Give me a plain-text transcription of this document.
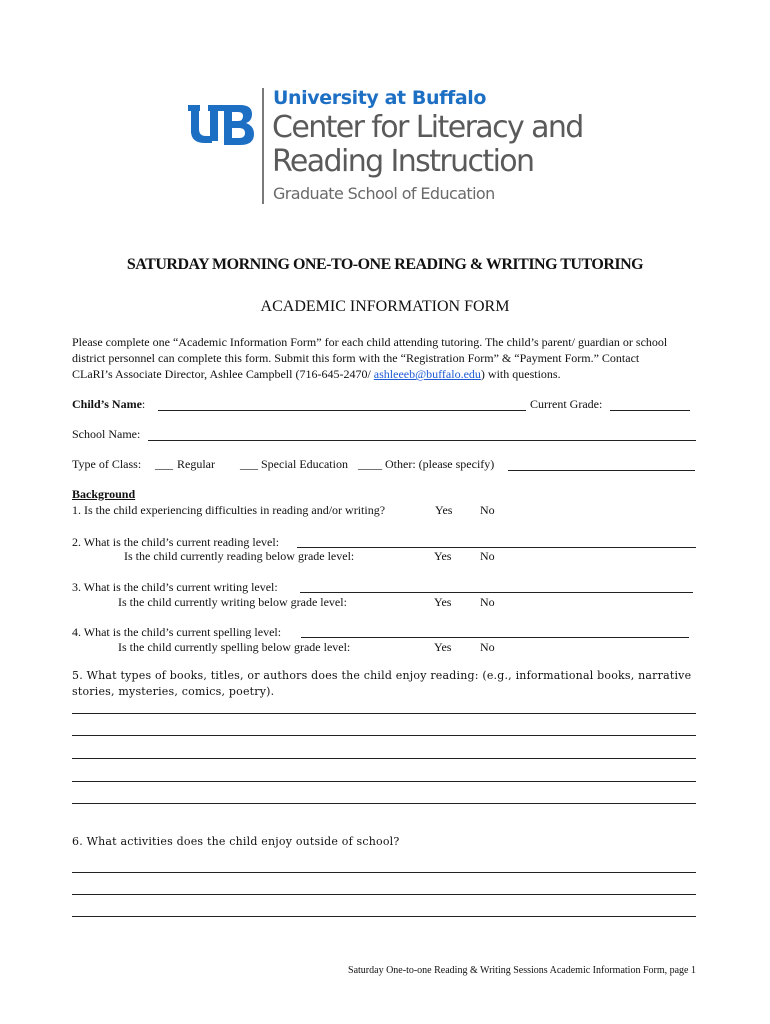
University at Buffalo
Center for Literacy and
Reading Instruction
Graduate School of Education
SATURDAY MORNING ONE-TO-ONE READING & WRITING TUTORING
ACADEMIC INFORMATION FORM

Please complete one “Academic Information Form” for each child attending tutoring. The child’s parent/ guardian or school

district personnel can complete this form. Submit this form with the “Registration Form” & “Payment Form.” Contact

CLaRI’s Associate Director, Ashlee Campbell (716-645-2470/ ashleeeb@buffalo.edu) with questions.

Child’s Name:	Current Grade:
School Name:
Type of Class: ___ Regular ___ Special Education ____ Other: (please specify)
Background
1. Is the child experiencing difficulties in reading and/or writing?	Yes No
2. What is the child’s current reading level:
Is the child currently reading below grade level:	Yes No
3. What is the child’s current writing level:
Is the child currently writing below grade level:	Yes No
4. What is the child’s current spelling level:
Is the child currently spelling below grade level:	Yes No
5. What types of books, titles, or authors does the child enjoy reading: (e.g., informational books, narrative
stories, mysteries, comics, poetry).
6. What activities does the child enjoy outside of school?
Saturday One-to-one Reading & Writing Sessions Academic Information Form, page 1
